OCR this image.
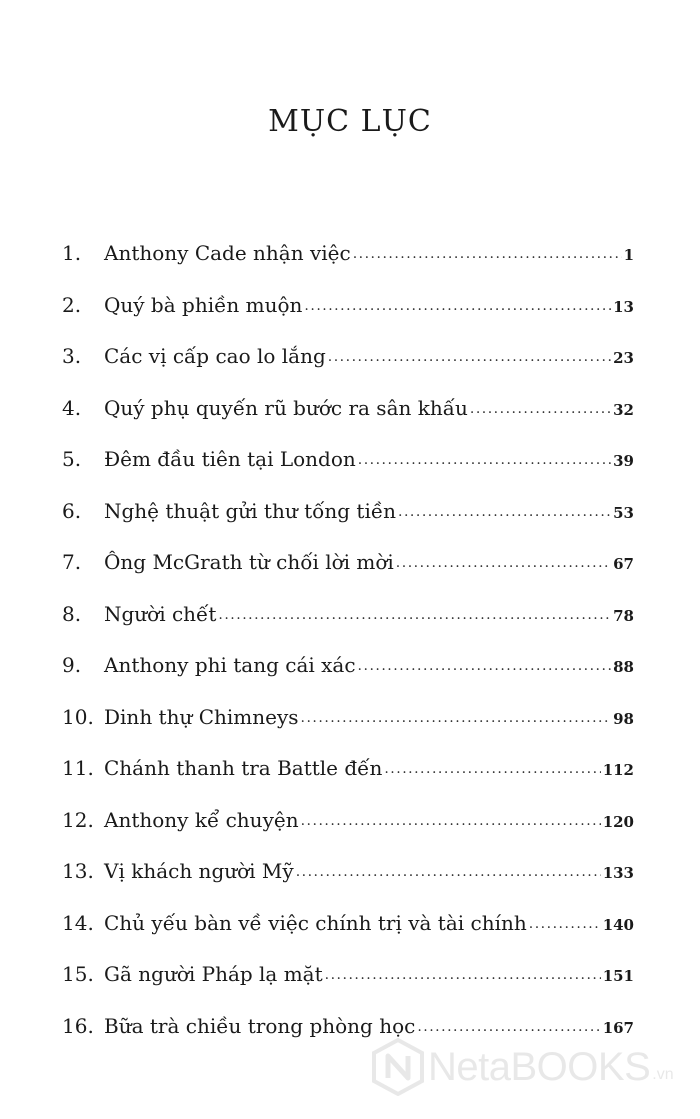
MỤC LỤC
1.	Anthony Cade nhận việc .....	1
2.	Quý bà phiền muộn .....	13
3.	Các vị cấp cao lo lắng .....	23
4.	Quý phụ quyến rũ bước ra sân khấu .....	32
5.	Đêm đầu tiên tại London .....	39
6.	Nghệ thuật gửi thư tống tiền .....	53
7.	Ông McGrath từ chối lời mời .....	67
8.	Người chết .....	78
9.	Anthony phi tang cái xác .....	88
10. Dinh thự Chimneys .....	98
11. Chánh thanh tra Battle đến .....	112
12. Anthony kể chuyện .....	120
13. Vị khách người Mỹ .....	133
14. Chủ yếu bàn về việc chính trị và tài chính .....	140
15. Gã người Pháp lạ mặt .....	151
16. Bữa trà chiều trong phòng học .....	167
NetaBOOKS .vn
